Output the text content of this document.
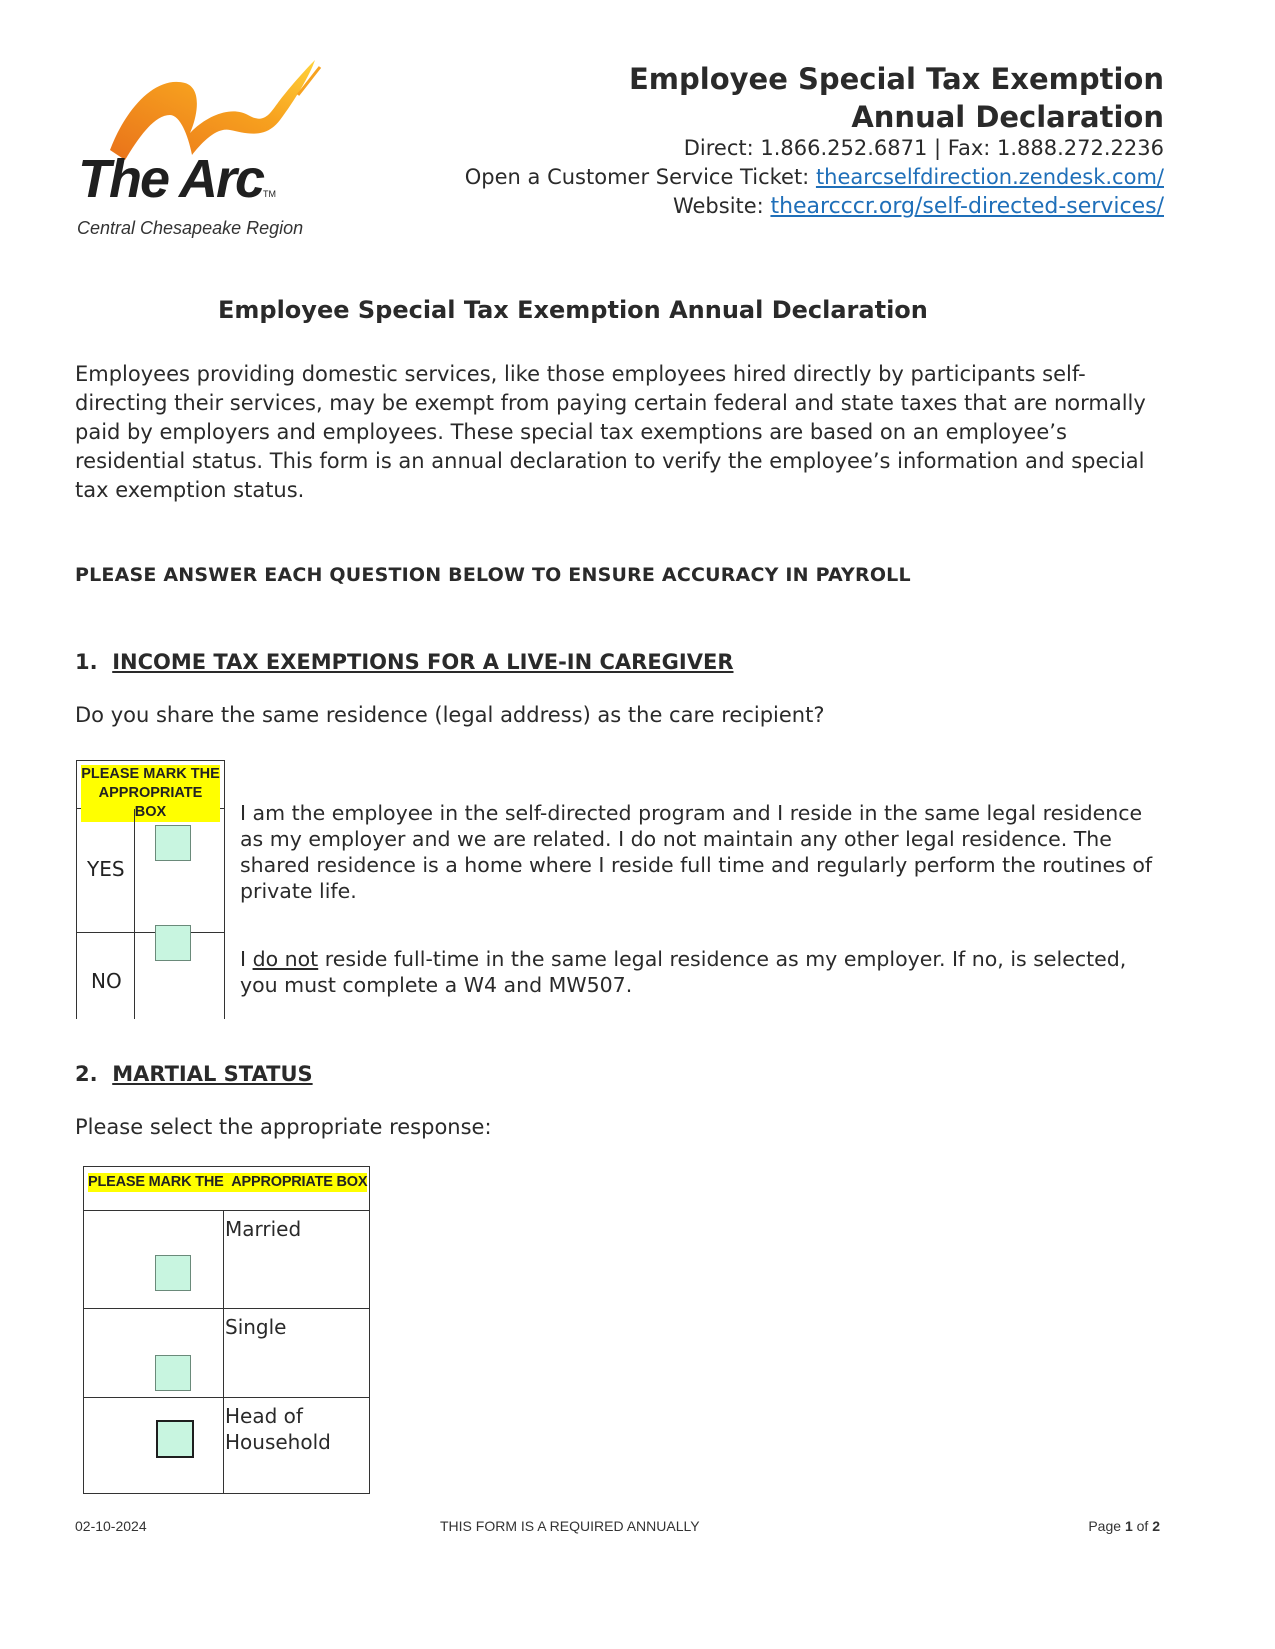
The ArcTM
Central Chesapeake Region
Employee Special Tax Exemption
Annual Declaration
Direct: 1.866.252.6871 | Fax: 1.888.272.2236
Open a Customer Service Ticket: thearcselfdirection.zendesk.com/
Website: thearcccr.org/self-directed-services/
Employee Special Tax Exemption Annual Declaration
Employees providing domestic services, like those employees hired directly by participants self-directing their services, may be exempt from paying certain federal and state taxes that are normally paid by employers and employees. These special tax exemptions are based on an employee’s residential status. This form is an annual declaration to verify the employee’s information and special tax exemption status.
PLEASE ANSWER EACH QUESTION BELOW TO ENSURE ACCURACY IN PAYROLL
1. INCOME TAX EXEMPTIONS FOR A LIVE-IN CAREGIVER
Do you share the same residence (legal address) as the care recipient?
PLEASE MARK THE APPROPRIATE BOX
YES
NO
I am the employee in the self-directed program and I reside in the same legal residence as my employer and we are related. I do not maintain any other legal residence. The shared residence is a home where I reside full time and regularly perform the routines of private life.
I do not reside full-time in the same legal residence as my employer. If no, is selected, you must complete a W4 and MW507.
2. MARTIAL STATUS
Please select the appropriate response:
PLEASE MARK THE  APPROPRIATE BOX
Married
Single
Head of Household
02-10-2024	THIS FORM IS A REQUIRED ANNUALLY	Page 1 of 2
